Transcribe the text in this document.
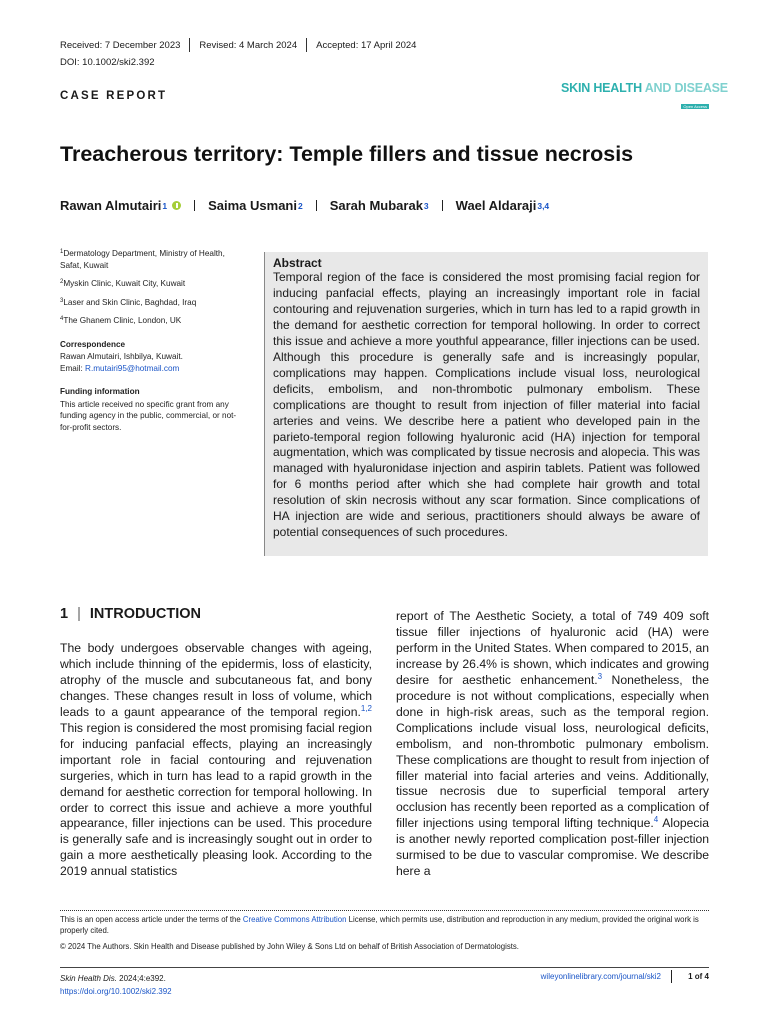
Received: 7 December 2023 Revised: 4 March 2024 Accepted: 17 April 2024
DOI: 10.1002/ski2.392
CASE REPORT
SKIN HEALTH AND DISEASE
Open Access
Treacherous territory: Temple fillers and tissue necrosis
Rawan Almutairi 1	Saima Usmani 2 Sarah Mubarak 3 Wael Aldaraji 3,4

$^1$Dermatology Department, Ministry of Health, Safat, Kuwait

$^2$Myskin Clinic, Kuwait City, Kuwait

$^3$Laser and Skin Clinic, Baghdad, Iraq

$^4$The Ghanem Clinic, London, UK

Correspondence
Rawan Almutairi, Ishbilya, Kuwait.
Email: R.mutairi95@hotmail.com
Funding information
This article received no specific grant from any funding agency in the public, commercial, or not-for-profit sectors.
Abstract
Temporal region of the face is considered the most promising facial region for inducing panfacial effects, playing an increasingly important role in facial contouring and rejuvenation surgeries, which in turn has led to a rapid growth in the demand for aesthetic correction for temporal hollowing. In order to correct this issue and achieve a more youthful appearance, filler injections can be used. Although this procedure is generally safe and is increasingly popular, complications may happen. Complications include visual loss, neurological deficits, embolism, and non-thrombotic pulmonary embolism. These complications are thought to result from injection of filler material into facial arteries and veins. We describe here a patient who developed pain in the parieto-temporal region following hyaluronic acid (HA) injection for temporal augmentation, which was complicated by tissue necrosis and alopecia. This was managed with hyaluronidase injection and aspirin tablets. Patient was followed for 6 months period after which she had complete hair growth and total resolution of skin necrosis without any scar formation. Since complications of HA injection are wide and serious, practitioners should always be aware of potential consequences of such procedures.
1 | INTRODUCTION
The body undergoes observable changes with ageing, which include thinning of the epidermis, loss of elasticity, atrophy of the muscle and subcutaneous fat, and bony changes. These changes result in loss of volume, which leads to a gaunt appearance of the temporal region.$^{1,2}$ This region is considered the most promising facial region for inducing panfacial effects, playing an increasingly important role in facial contouring and rejuvenation surgeries, which in turn has lead to a rapid growth in the demand for aesthetic correction for temporal hollowing. In order to correct this issue and achieve a more youthful appearance, filler injections can be used. This procedure is generally safe and is increasingly sought out in order to gain a more aesthetically pleasing look. According to the 2019 annual statistics
report of The Aesthetic Society, a total of 749 409 soft tissue filler injections of hyaluronic acid (HA) were perform in the United States. When compared to 2015, an increase by 26.4% is shown, which indicates and growing desire for aesthetic enhancement.$^3$ Nonetheless, the procedure is not without complications, especially when done in high-risk areas, such as the temporal region. Complications include visual loss, neurological deficits, embolism, and non-thrombotic pulmonary embolism. These complications are thought to result from injection of filler material into facial arteries and veins. Additionally, tissue necrosis due to superficial temporal artery occlusion has recently been reported as a complication of filler injections using temporal lifting technique.$^4$ Alopecia is another newly reported complication post-filler injection surmised to be due to vascular compromise. We describe here a
This is an open access article under the terms of the Creative Commons Attribution License, which permits use, distribution and reproduction in any medium, provided the original work is properly cited.
© 2024 The Authors. Skin Health and Disease published by John Wiley & Sons Ltd on behalf of British Association of Dermatologists.
Skin Health Dis. 2024;4:e392.
https://doi.org/10.1002/ski2.392
wileyonlinelibrary.com/journal/ski2	1 of 4
